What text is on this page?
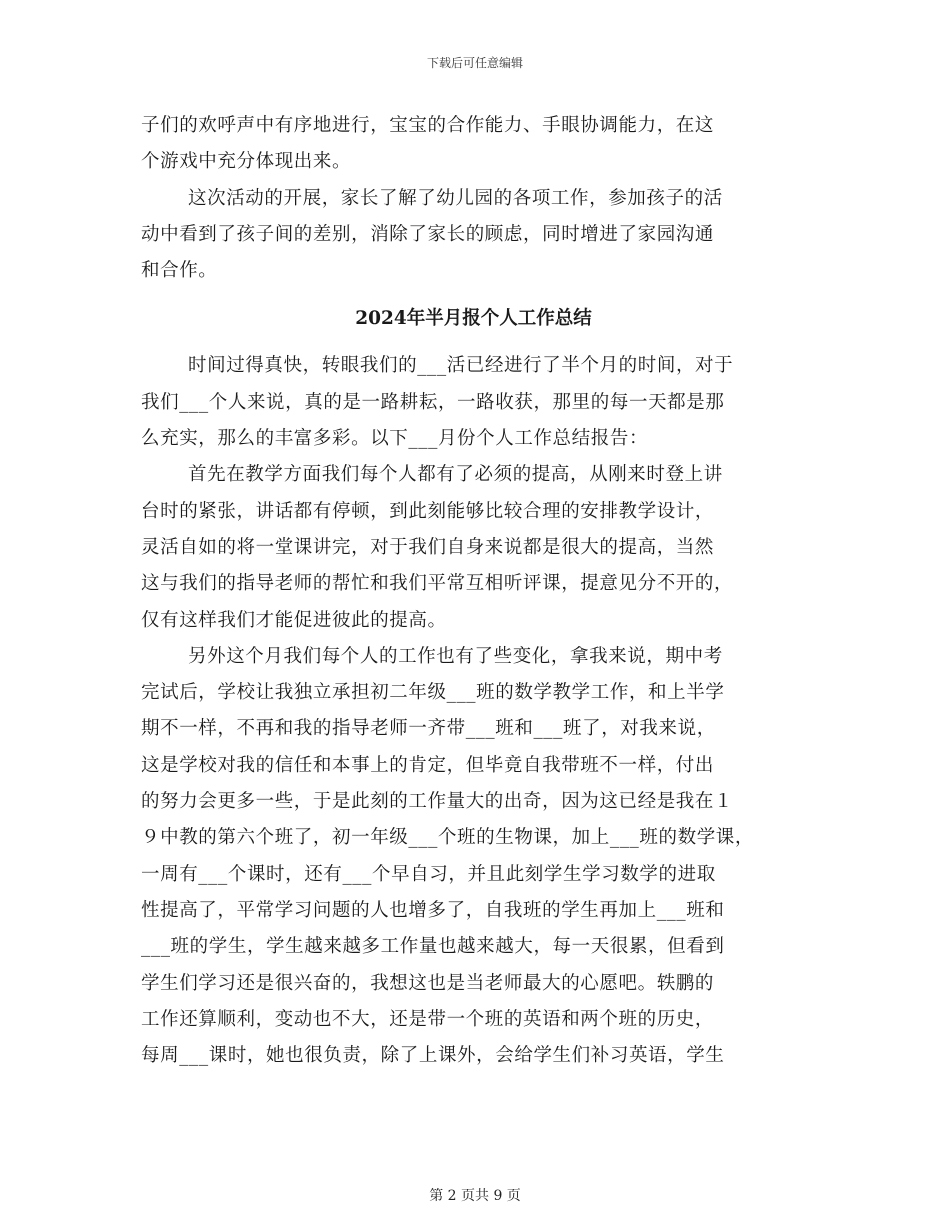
下载后可任意编辑
子们的欢呼声中有序地进行，宝宝的合作能力、手眼协调能力，在这
个游戏中充分体现出来。
这次活动的开展，家长了解了幼儿园的各项工作，参加孩子的活
动中看到了孩子间的差别，消除了家长的顾虑，同时增进了家园沟通
和合作。
2024年半月报个人工作总结
时间过得真快，转眼我们的___活已经进行了半个月的时间，对于
我们___个人来说，真的是一路耕耘，一路收获，那里的每一天都是那
么充实，那么的丰富多彩。以下___月份个人工作总结报告：
首先在教学方面我们每个人都有了必须的提高，从刚来时登上讲
台时的紧张，讲话都有停顿，到此刻能够比较合理的安排教学设计，
灵活自如的将一堂课讲完，对于我们自身来说都是很大的提高，当然
这与我们的指导老师的帮忙和我们平常互相听评课，提意见分不开的，
仅有这样我们才能促进彼此的提高。
另外这个月我们每个人的工作也有了些变化，拿我来说，期中考
完试后，学校让我独立承担初二年级___班的数学教学工作，和上半学
期不一样，不再和我的指导老师一齐带___班和___班了，对我来说，
这是学校对我的信任和本事上的肯定，但毕竟自我带班不一样，付出
的努力会更多一些，于是此刻的工作量大的出奇，因为这已经是我在１
９中教的第六个班了，初一年级___个班的生物课，加上___班的数学课，
一周有___个课时，还有___个早自习，并且此刻学生学习数学的进取
性提高了，平常学习问题的人也增多了，自我班的学生再加上___班和
___班的学生，学生越来越多工作量也越来越大，每一天很累，但看到
学生们学习还是很兴奋的，我想这也是当老师最大的心愿吧。轶鹏的
工作还算顺利，变动也不大，还是带一个班的英语和两个班的历史，
每周___课时，她也很负责，除了上课外，会给学生们补习英语，学生
第 2 页共 9 页
